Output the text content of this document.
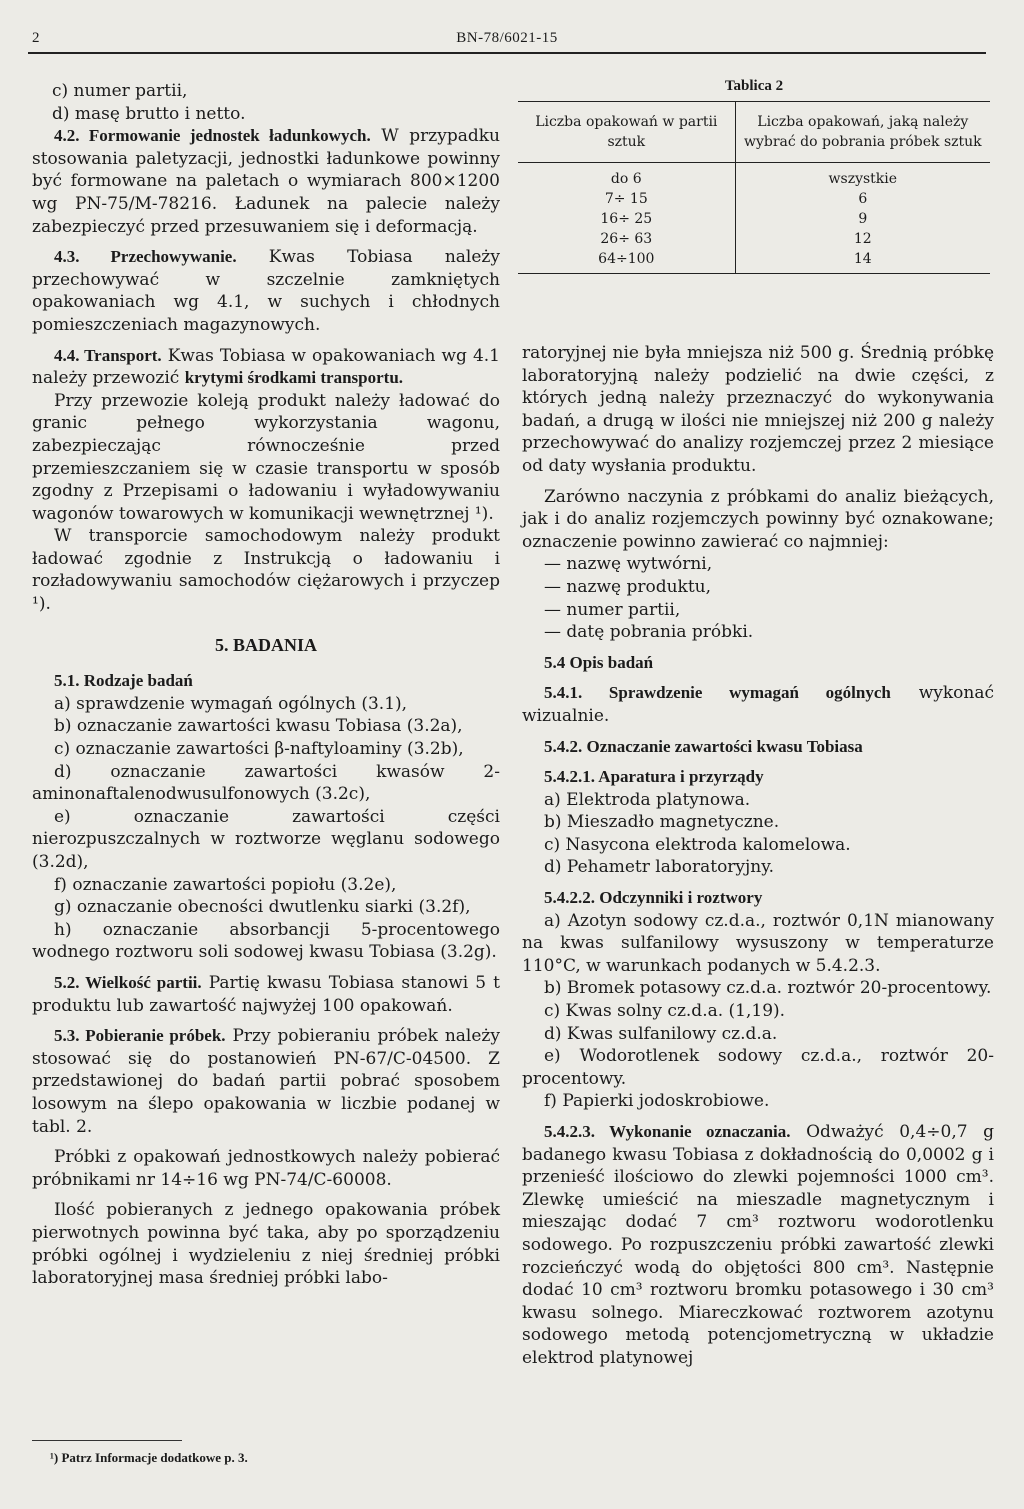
2	BN-78/6021-15

c) numer partii,

d) masę brutto i netto.

4.2. Formowanie jednostek ładunkowych. W przypadku stosowania paletyzacji, jednostki ładunkowe powinny być formowane na paletach o wymiarach 800×1200 wg PN-75/M-78216. Ładunek na palecie należy zabezpieczyć przed przesuwaniem się i deformacją.

4.3. Przechowywanie. Kwas Tobiasa należy przechowywać w szczelnie zamkniętych opakowaniach wg 4.1, w suchych i chłodnych pomieszczeniach magazynowych.

4.4. Transport. Kwas Tobiasa w opakowaniach wg 4.1 należy przewozić krytymi środkami transportu.

Przy przewozie koleją produkt należy ładować do granic pełnego wykorzystania wagonu, zabezpieczając równocześnie przed przemieszczaniem się w czasie transportu w sposób zgodny z Przepisami o ładowaniu i wyładowywaniu wagonów towarowych w komunikacji wewnętrznej ¹).

W transporcie samochodowym należy produkt ładować zgodnie z Instrukcją o ładowaniu i rozładowywaniu samochodów ciężarowych i przyczep ¹).

5. BADANIA

5.1. Rodzaje badań

a) sprawdzenie wymagań ogólnych (3.1),

b) oznaczanie zawartości kwasu Tobiasa (3.2a),

c) oznaczanie zawartości β-naftyloaminy (3.2b),

d) oznaczanie zawartości kwasów 2-aminonaftalenodwusulfonowych (3.2c),

e) oznaczanie zawartości części nierozpuszczalnych w roztworze węglanu sodowego (3.2d),

f) oznaczanie zawartości popiołu (3.2e),

g) oznaczanie obecności dwutlenku siarki (3.2f),

h) oznaczanie absorbancji 5-procentowego wodnego roztworu soli sodowej kwasu Tobiasa (3.2g).

5.2. Wielkość partii. Partię kwasu Tobiasa stanowi 5 t produktu lub zawartość najwyżej 100 opakowań.

5.3. Pobieranie próbek. Przy pobieraniu próbek należy stosować się do postanowień PN-67/C-04500. Z przedstawionej do badań partii pobrać sposobem losowym na ślepo opakowania w liczbie podanej w tabl. 2.

Próbki z opakowań jednostkowych należy pobierać próbnikami nr 14÷16 wg PN-74/C-60008.

Ilość pobieranych z jednego opakowania próbek pierwotnych powinna być taka, aby po sporządzeniu próbki ogólnej i wydzieleniu z niej średniej próbki laboratoryjnej masa średniej próbki labo-

Tablica 2
Liczba opakowań w partii sztuk	Liczba opakowań, jaką należy wybrać do pobrania próbek sztuk
do 6	wszystkie
7÷ 15	6
16÷ 25	9
26÷ 63	12
64÷100	14

ratoryjnej nie była mniejsza niż 500 g. Średnią próbkę laboratoryjną należy podzielić na dwie części, z których jedną należy przeznaczyć do wykonywania badań, a drugą w ilości nie mniejszej niż 200 g należy przechowywać do analizy rozjemczej przez 2 miesiące od daty wysłania produktu.

Zarówno naczynia z próbkami do analiz bieżących, jak i do analiz rozjemczych powinny być oznakowane; oznaczenie powinno zawierać co najmniej:

— nazwę wytwórni,

— nazwę produktu,

— numer partii,

— datę pobrania próbki.

5.4 Opis badań

5.4.1. Sprawdzenie wymagań ogólnych wykonać wizualnie.

5.4.2. Oznaczanie zawartości kwasu Tobiasa

5.4.2.1. Aparatura i przyrządy

a) Elektroda platynowa.

b) Mieszadło magnetyczne.

c) Nasycona elektroda kalomelowa.

d) Pehametr laboratoryjny.

5.4.2.2. Odczynniki i roztwory

a) Azotyn sodowy cz.d.a., roztwór 0,1N mianowany na kwas sulfanilowy wysuszony w temperaturze 110°C, w warunkach podanych w 5.4.2.3.

b) Bromek potasowy cz.d.a. roztwór 20-procentowy.

c) Kwas solny cz.d.a. (1,19).

d) Kwas sulfanilowy cz.d.a.

e) Wodorotlenek sodowy cz.d.a., roztwór 20-procentowy.

f) Papierki jodoskrobiowe.

5.4.2.3. Wykonanie oznaczania. Odważyć 0,4÷0,7 g badanego kwasu Tobiasa z dokładnością do 0,0002 g i przenieść ilościowo do zlewki pojemności 1000 cm³. Zlewkę umieścić na mieszadle magnetycznym i mieszając dodać 7 cm³ roztworu wodorotlenku sodowego. Po rozpuszczeniu próbki zawartość zlewki rozcieńczyć wodą do objętości 800 cm³. Następnie dodać 10 cm³ roztworu bromku potasowego i 30 cm³ kwasu solnego. Miareczkować roztworem azotynu sodowego metodą potencjometryczną w układzie elektrod platynowej

¹) Patrz Informacje dodatkowe p. 3.
